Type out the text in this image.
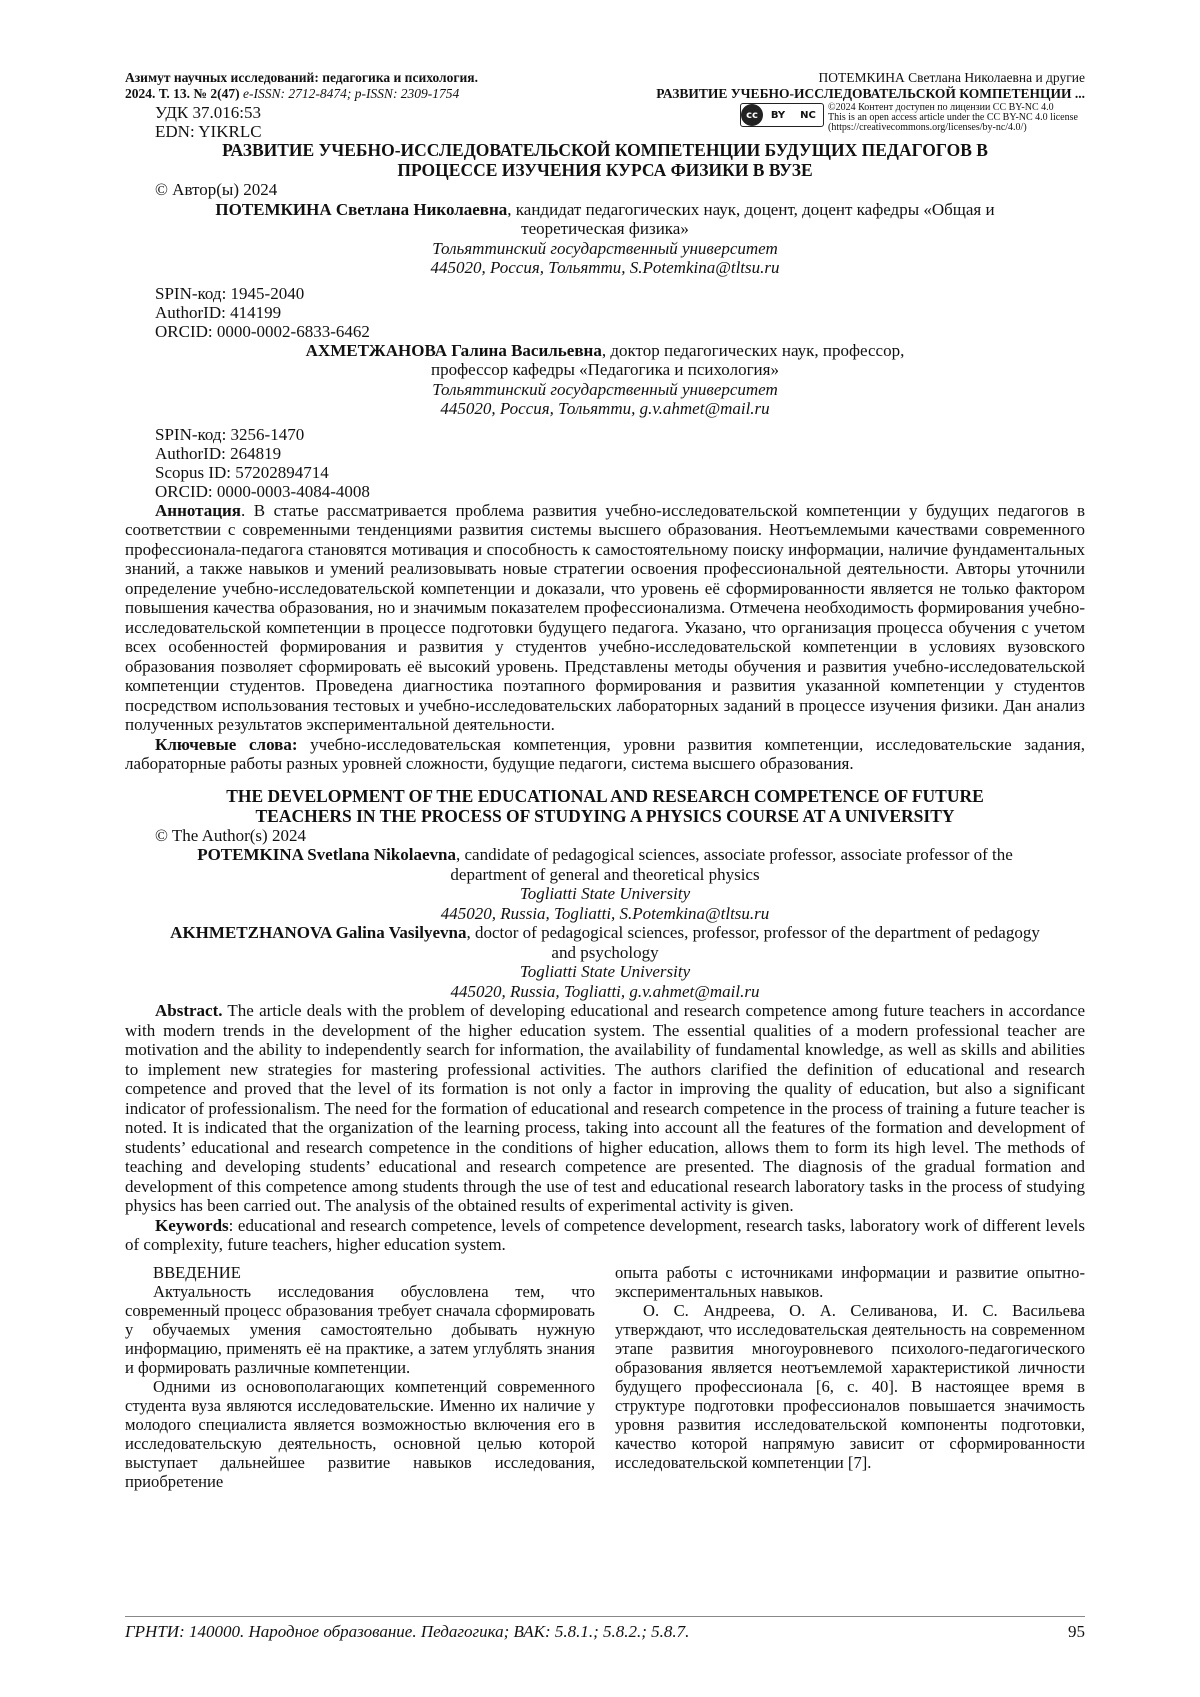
Азимут научных исследований: педагогика и психология.
2024. Т. 13. № 2(47) e-ISSN: 2712-8474; p-ISSN: 2309-1754
ПОТЕМКИНА Светлана Николаевна и другие
РАЗВИТИЕ УЧЕБНО-ИССЛЕДОВАТЕЛЬСКОЙ КОМПЕТЕНЦИИ ...
УДК 37.016:53
EDN: YIKRLC
cc	BY	NC
©2024 Контент доступен по лицензии CC BY-NC 4.0
This is an open access article under the CC BY-NC 4.0 license
(https://creativecommons.org/licenses/by-nc/4.0/)
РАЗВИТИЕ УЧЕБНО-ИССЛЕДОВАТЕЛЬСКОЙ КОМПЕТЕНЦИИ БУДУЩИХ ПЕДАГОГОВ В
ПРОЦЕССЕ ИЗУЧЕНИЯ КУРСА ФИЗИКИ В ВУЗЕ
© Автор(ы) 2024
ПОТЕМКИНА Светлана Николаевна, кандидат педагогических наук, доцент, доцент кафедры «Общая и теоретическая физика»
Тольяттинский государственный университет
445020, Россия, Тольятти, S.Potemkina@tltsu.ru
SPIN-код: 1945-2040
AuthorID: 414199
ORCID: 0000-0002-6833-6462
АХМЕТЖАНОВА Галина Васильевна, доктор педагогических наук, профессор,
профессор кафедры «Педагогика и психология»
Тольяттинский государственный университет
445020, Россия, Тольятти, g.v.ahmet@mail.ru
SPIN-код: 3256-1470
AuthorID: 264819
Scopus ID: 57202894714
ORCID: 0000-0003-4084-4008
Аннотация. В статье рассматривается проблема развития учебно-исследовательской компетенции у будущих педагогов в соответствии с современными тенденциями развития системы высшего образования. Неотъемлемыми качествами современного профессионала-педагога становятся мотивация и способность к самостоятельному поиску информации, наличие фундаментальных знаний, а также навыков и умений реализовывать новые стратегии освоения профессиональной деятельности. Авторы уточнили определение учебно-исследовательской компетенции и доказали, что уровень её сформированности является не только фактором повышения качества образования, но и значимым показателем профессионализма. Отмечена необходимость формирования учебно-исследовательской компетенции в процессе подготовки будущего педагога. Указано, что организация процесса обучения с учетом всех особенностей формирования и развития у студентов учебно-исследовательской компетенции в условиях вузовского образования позволяет сформировать её высокий уровень. Представлены методы обучения и развития учебно-исследовательской компетенции студентов. Проведена диагностика поэтапного формирования и развития указанной компетенции у студентов посредством использования тестовых и учебно-исследовательских лабораторных заданий в процессе изучения физики. Дан анализ полученных результатов экспериментальной деятельности.
Ключевые слова: учебно-исследовательская компетенция, уровни развития компетенции, исследовательские задания, лабораторные работы разных уровней сложности, будущие педагоги, система высшего образования.
THE DEVELOPMENT OF THE EDUCATIONAL AND RESEARCH COMPETENCE OF FUTURE
TEACHERS IN THE PROCESS OF STUDYING A PHYSICS COURSE AT A UNIVERSITY
© The Author(s) 2024
POTEMKINA Svetlana Nikolaevna, candidate of pedagogical sciences, associate professor, associate professor of the department of general and theoretical physics
Togliatti State University
445020, Russia, Togliatti, S.Potemkina@tltsu.ru
AKHMETZHANOVA Galina Vasilyevna, doctor of pedagogical sciences, professor, professor of the department of pedagogy and psychology
Togliatti State University
445020, Russia, Togliatti, g.v.ahmet@mail.ru
Abstract. The article deals with the problem of developing educational and research competence among future teachers in accordance with modern trends in the development of the higher education system. The essential qualities of a modern professional teacher are motivation and the ability to independently search for information, the availability of fundamental knowledge, as well as skills and abilities to implement new strategies for mastering professional activities. The authors clarified the definition of educational and research competence and proved that the level of its formation is not only a factor in improving the quality of education, but also a significant indicator of professionalism. The need for the formation of educational and research competence in the process of training a future teacher is noted. It is indicated that the organization of the learning process, taking into account all the features of the formation and development of students’ educational and research competence in the conditions of higher education, allows them to form its high level. The methods of teaching and developing students’ educational and research competence are presented. The diagnosis of the gradual formation and development of this competence among students through the use of test and educational research laboratory tasks in the process of studying physics has been carried out. The analysis of the obtained results of experimental activity is given.
Keywords: educational and research competence, levels of competence development, research tasks, laboratory work of different levels of complexity, future teachers, higher education system.

ВВЕДЕНИЕ

Актуальность исследования обусловлена тем, что современный процесс образования требует сначала сформировать у обучаемых умения самостоятельно добывать нужную информацию, применять её на практике, а затем углублять знания и формировать различные компетенции.

Одними из основополагающих компетенций современного студента вуза являются исследовательские. Именно их наличие у молодого специалиста является возможностью включения его в исследовательскую деятельность, основной целью которой выступает дальнейшее развитие навыков исследования, приобретение

опыта работы с источниками информации и развитие опытно-экспериментальных навыков.

О. С. Андреева, О. А. Селиванова, И. С. Васильева утверждают, что исследовательская деятельность на современном этапе развития многоуровневого психолого-педагогического образования является неотъемлемой характеристикой личности будущего профессионала [6, с. 40]. В настоящее время в структуре подготовки профессионалов повышается значимость уровня развития исследовательской компоненты подготовки, качество которой напрямую зависит от сформированности исследовательской компетенции [7].

ГРНТИ: 140000. Народное образование. Педагогика; ВАК: 5.8.1.; 5.8.2.; 5.8.7.	95
